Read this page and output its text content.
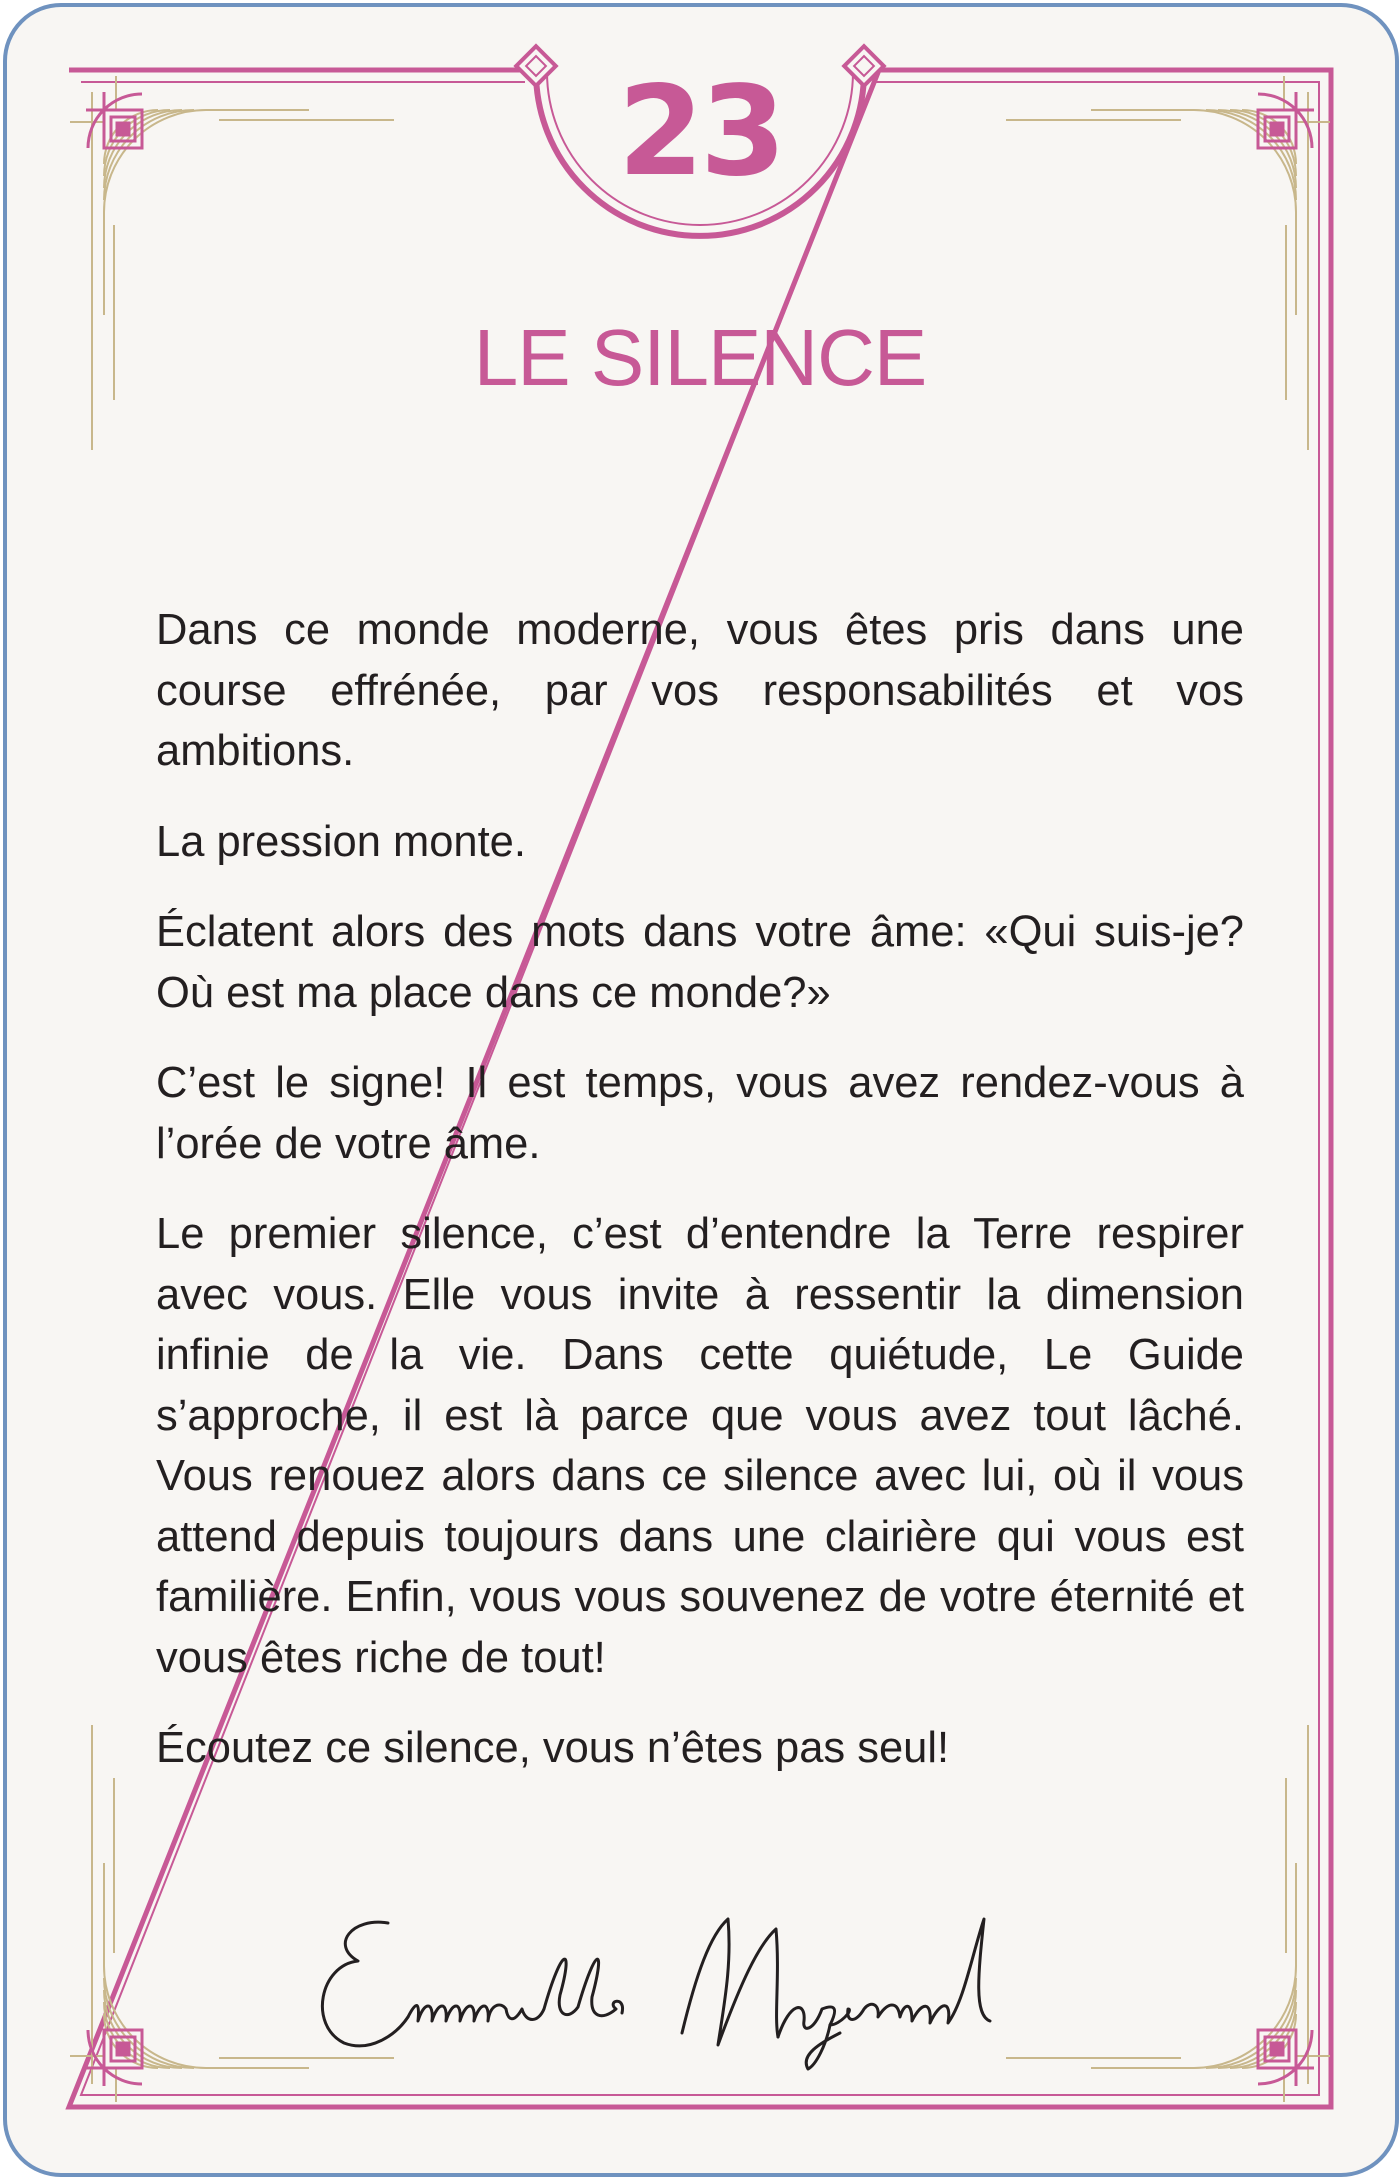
23
LE SILENCE

Dans ce monde moderne, vous êtes pris dans une course effrénée, par vos responsabilités et vos ambitions.

La pression monte.

Éclatent alors des mots dans votre âme: «Qui suis-je? Où est ma place dans ce monde?»

C’est le signe! Il est temps, vous avez rendez-vous à l’orée de votre âme.

Le premier silence, c’est d’entendre la Terre respirer avec vous. Elle vous invite à ressentir la dimension infinie de la vie. Dans cette quiétude, Le Guide s’approche, il est là parce que vous avez tout lâché. Vous renouez alors dans ce silence avec lui, où il vous attend depuis toujours dans une clairière qui vous est familière. Enfin, vous vous souvenez de votre éternité et vous êtes riche de tout!

Écoutez ce silence, vous n’êtes pas seul!
